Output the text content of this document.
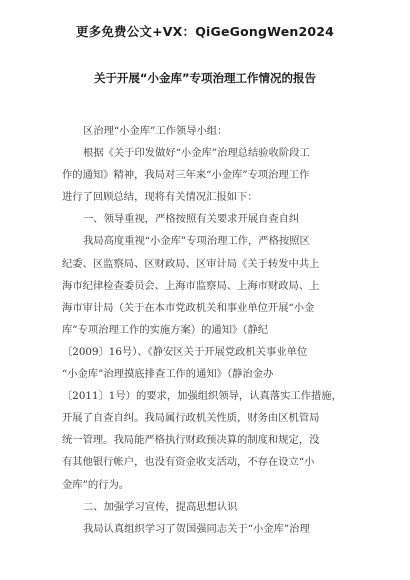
更多免费公文+VX：QiGeGongWen2024
关于开展“小金库”专项治理工作情况的报告
区治理“小金库”工作领导小组：
根据《关于印发做好“小金库”治理总结验收阶段工
作的通知》精神，我局对三年来“小金库”专项治理工作
进行了回顾总结，现将有关情况汇报如下：
一、领导重视，严格按照有关要求开展自查自纠
我局高度重视“小金库”专项治理工作，严格按照区
纪委、区监察局、区财政局、区审计局《关于转发中共上
海市纪律检查委员会、上海市监察局、上海市财政局、上
海市审计局（关于在本市党政机关和事业单位开展“小金
库”专项治理工作的实施方案）的通知》（静纪
〔2009〕16号）、《静安区关于开展党政机关事业单位
“小金库”治理摸底排查工作的通知》（静治金办
〔2011〕1号）的要求，加强组织领导，认真落实工作措施，
开展了自查自纠。我局属行政机关性质，财务由区机管局
统一管理。我局能严格执行财政预决算的制度和规定，没
有其他银行帐户，也没有资金收支活动，不存在设立“小
金库”的行为。
二、加强学习宣传，提高思想认识
我局认真组织学习了贺国强同志关于“小金库”治理
